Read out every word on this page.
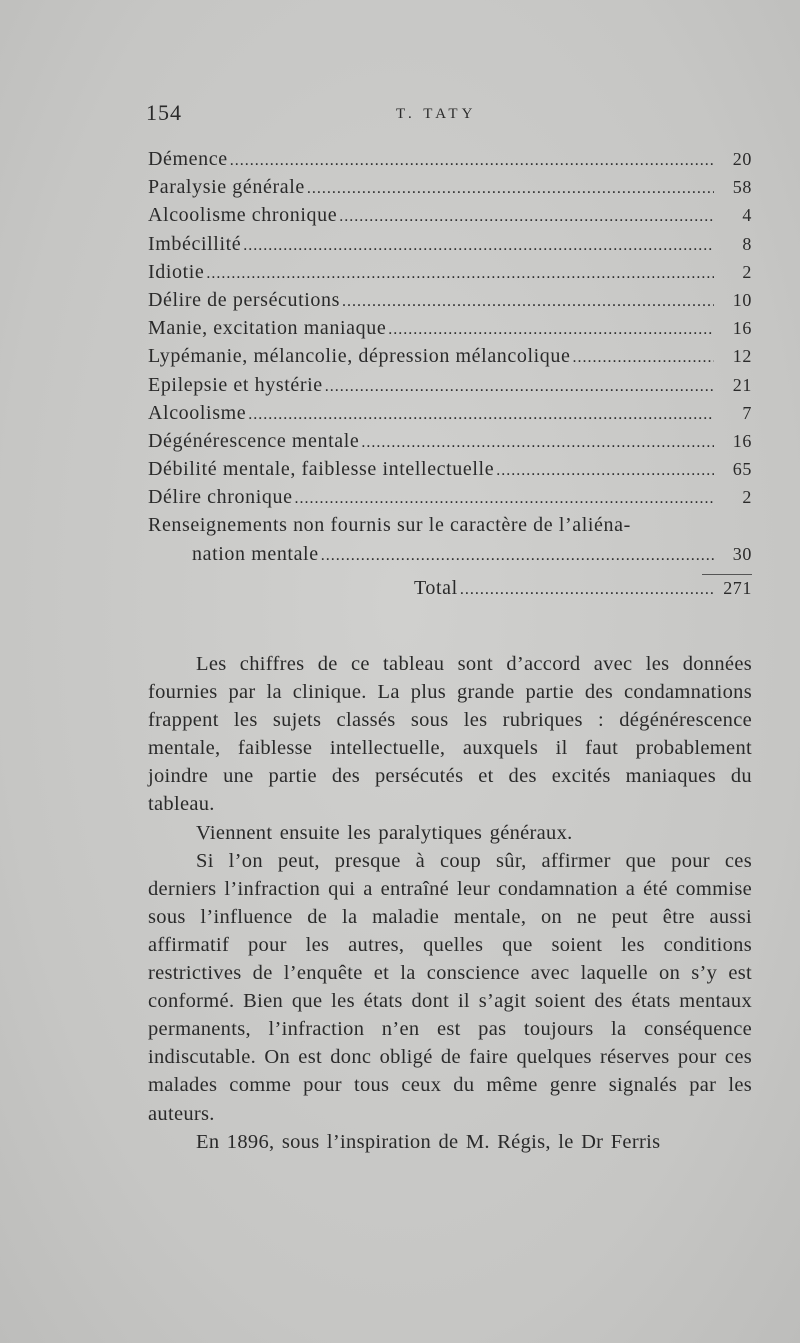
154	T. TATY
Démence . . .	20
Paralysie générale . . .	58
Alcoolisme chronique . . .	4
Imbécillité . . .	8
Idiotie . . .	2
Délire de persécutions . . .	10
Manie, excitation maniaque . . .	16
Lypémanie, mélancolie, dépression mélancolique . . .	12
Epilepsie et hystérie . . .	21
Alcoolisme . . .	7
Dégénérescence mentale . . .	16
Débilité mentale, faiblesse intellectuelle . . .	65
Délire chronique . . .	2
Renseignements non fournis sur le caractère de l’aliéna-
nation mentale . . .	30
Total . . .	271

Les chiffres de ce tableau sont d’accord avec les données fournies par la clinique. La plus grande partie des condamnations frappent les sujets classés sous les rubriques : dégénérescence mentale, faiblesse intellectuelle, auxquels il faut probablement joindre une partie des persécutés et des excités maniaques du tableau.

Viennent ensuite les paralytiques généraux.

Si l’on peut, presque à coup sûr, affirmer que pour ces derniers l’infraction qui a entraîné leur condamnation a été commise sous l’influence de la maladie mentale, on ne peut être aussi affirmatif pour les autres, quelles que soient les conditions restrictives de l’enquête et la conscience avec laquelle on s’y est conformé. Bien que les états dont il s’agit soient des états mentaux permanents, l’infraction n’en est pas toujours la conséquence indiscutable. On est donc obligé de faire quelques réserves pour ces malades comme pour tous ceux du même genre signalés par les auteurs.

En 1896, sous l’inspiration de M. Régis, le Dr Ferris
